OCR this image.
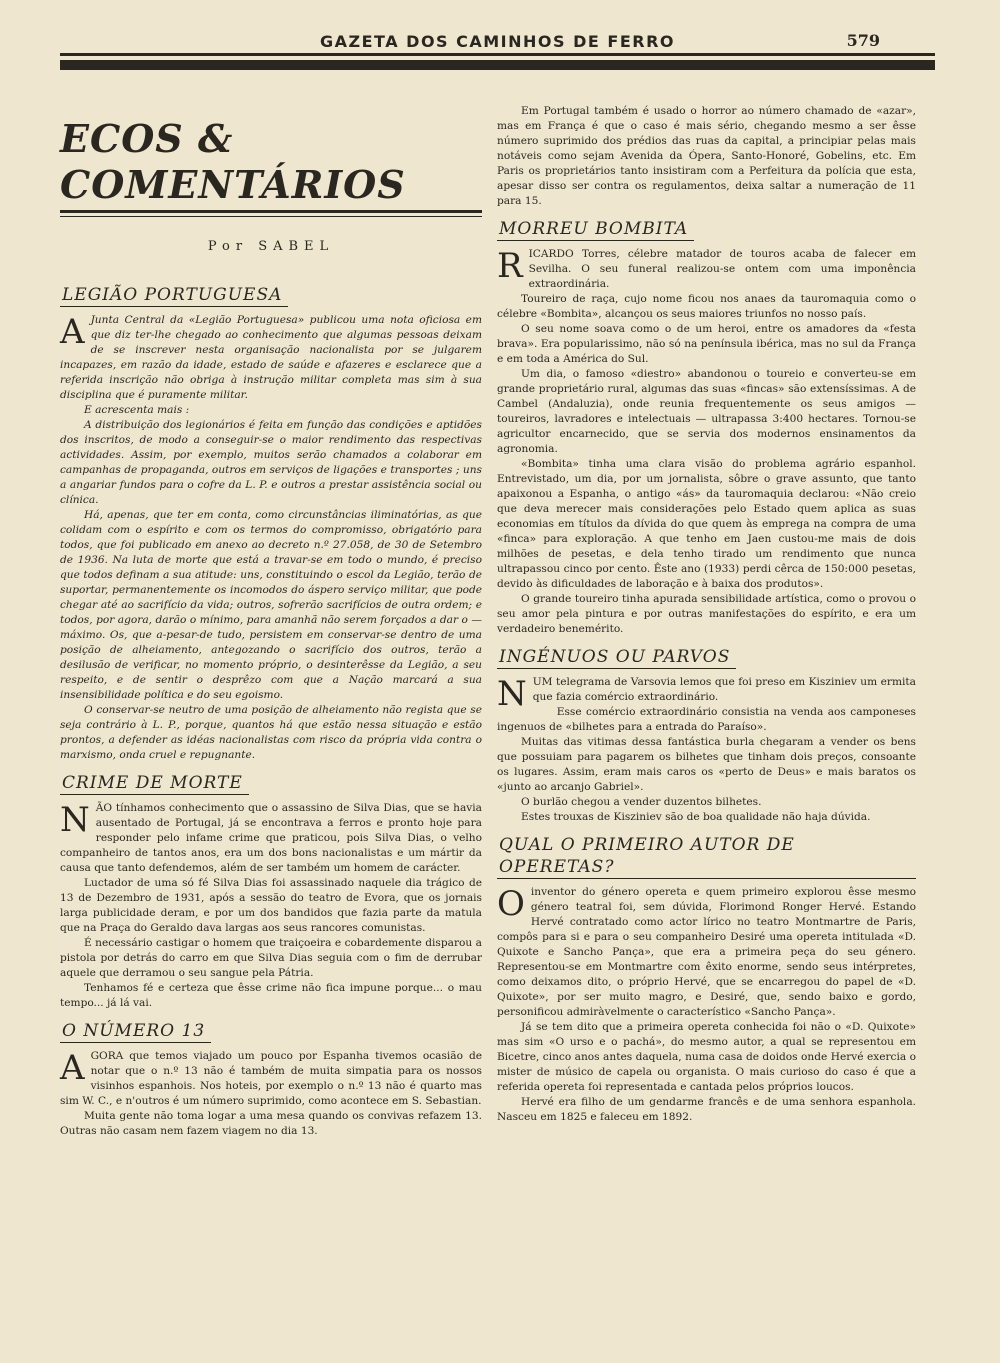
GAZETA DOS CAMINHOS DE FERRO	579
ECOS & COMENTÁRIOS
Por SABEL
LEGIÃO PORTUGUESA

A Junta Central da «Legião Portuguesa» publicou uma nota oficiosa em que diz ter-lhe chegado ao conhecimento que algumas pessoas deixam de se inscrever nesta organisação nacionalista por se julgarem incapazes, em razão da idade, estado de saúde e afazeres e esclarece que a referida inscrição não obriga à instrução militar completa mas sim à sua disciplina que é puramente militar.

E acrescenta mais :

A distribuição dos legionários é feita em função das condições e aptidões dos inscritos, de modo a conseguir-se o maior rendimento das respectivas actividades. Assim, por exemplo, muitos serão chamados a colaborar em campanhas de propaganda, outros em serviços de ligações e transportes ; uns a angariar fundos para o cofre da L. P. e outros a prestar assistência social ou clínica.

Há, apenas, que ter em conta, como circunstâncias iliminatórias, as que colidam com o espírito e com os termos do compromisso, obrigatório para todos, que foi publicado em anexo ao decreto n.º 27.058, de 30 de Setembro de 1936. Na luta de morte que está a travar-se em todo o mundo, é preciso que todos definam a sua atitude: uns, constituindo o escol da Legião, terão de suportar, permanentemente os incomodos do áspero serviço militar, que pode chegar até ao sacrifício da vida; outros, sofrerão sacrifícios de outra ordem; e todos, por agora, darão o mínimo, para amanhã não serem forçados a dar o —máximo. Os, que a-pesar-de tudo, persistem em conservar-se dentro de uma posição de alheiamento, antegozando o sacrifício dos outros, terão a desilusão de verificar, no momento próprio, o desinterêsse da Legião, a seu respeito, e de sentir o desprêzo com que a Nação marcará a sua insensibilidade política e do seu egoismo.

O conservar-se neutro de uma posição de alheiamento não regista que se seja contrário à L. P., porque, quantos há que estão nessa situação e estão prontos, a defender as idéas nacionalistas com risco da própria vida contra o marxismo, onda cruel e repugnante.

CRIME DE MORTE

NÃO tínhamos conhecimento que o assassino de Silva Dias, que se havia ausentado de Portugal, já se encontrava a ferros e pronto hoje para responder pelo infame crime que praticou, pois Silva Dias, o velho companheiro de tantos anos, era um dos bons nacionalistas e um mártir da causa que tanto defendemos, além de ser também um homem de carácter.

Luctador de uma só fé Silva Dias foi assassinado naquele dia trágico de 13 de Dezembro de 1931, após a sessão do teatro de Evora, que os jornais larga publicidade deram, e por um dos bandidos que fazia parte da matula que na Praça do Geraldo dava largas aos seus rancores comunistas.

É necessário castigar o homem que traiçoeira e cobardemente disparou a pistola por detrás do carro em que Silva Dias seguia com o fim de derrubar aquele que derramou o seu sangue pela Pátria.

Tenhamos fé e certeza que êsse crime não fica impune porque... o mau tempo... já lá vai.

O NÚMERO 13

AGORA que temos viajado um pouco por Espanha tivemos ocasião de notar que o n.º 13 não é também de muita simpatia para os nossos visinhos espanhois. Nos hoteis, por exemplo o n.º 13 não é quarto mas sim W. C., e n'outros é um número suprimido, como acontece em S. Sebastian.

Muita gente não toma logar a uma mesa quando os convivas refazem 13. Outras não casam nem fazem viagem no dia 13.

Em Portugal também é usado o horror ao número chamado de «azar», mas em França é que o caso é mais sério, chegando mesmo a ser êsse número suprimido dos prédios das ruas da capital, a principiar pelas mais notáveis como sejam Avenida da Ópera, Santo-Honoré, Gobelins, etc. Em Paris os proprietários tanto insistiram com a Perfeitura da polícia que esta, apesar disso ser contra os regulamentos, deixa saltar a numeração de 11 para 15.

MORREU BOMBITA

RICARDO Torres, célebre matador de touros acaba de falecer em Sevilha. O seu funeral realizou-se ontem com uma imponência extraordinária.

Toureiro de raça, cujo nome ficou nos anaes da tauromaquia como o célebre «Bombita», alcançou os seus maiores triunfos no nosso país.

O seu nome soava como o de um heroi, entre os amadores da «festa brava». Era popularissimo, não só na península ibérica, mas no sul da França e em toda a América do Sul.

Um dia, o famoso «diestro» abandonou o toureio e converteu-se em grande proprietário rural, algumas das suas «fincas» são extensíssimas. A de Cambel (Andaluzia), onde reunia frequentemente os seus amigos — toureiros, lavradores e intelectuais — ultrapassa 3:400 hectares. Tornou-se agricultor encarnecido, que se servia dos modernos ensinamentos da agronomia.

«Bombita» tinha uma clara visão do problema agrário espanhol. Entrevistado, um dia, por um jornalista, sôbre o grave assunto, que tanto apaixonou a Espanha, o antigo «ás» da tauromaquia declarou: «Não creio que deva merecer mais considerações pelo Estado quem aplica as suas economias em títulos da dívida do que quem às emprega na compra de uma «finca» para exploração. A que tenho em Jaen custou-me mais de dois milhões de pesetas, e dela tenho tirado um rendimento que nunca ultrapassou cinco por cento. Êste ano (1933) perdi cêrca de 150:000 pesetas, devido às dificuldades de laboração e à baixa dos produtos».

O grande toureiro tinha apurada sensibilidade artística, como o provou o seu amor pela pintura e por outras manifestações do espírito, e era um verdadeiro benemérito.

INGÉNUOS OU PARVOS

NUM telegrama de Varsovia lemos que foi preso em Kisziniev um ermita que fazia comércio extraordinário.

Esse comércio extraordinário consistia na venda aos camponeses ingenuos de «bilhetes para a entrada do Paraíso».

Muitas das vitimas dessa fantástica burla chegaram a vender os bens que possuiam para pagarem os bilhetes que tinham dois preços, consoante os lugares. Assim, eram mais caros os «perto de Deus» e mais baratos os «junto ao arcanjo Gabriel».

O burlão chegou a vender duzentos bilhetes.

Estes trouxas de Kisziniev são de boa qualidade não haja dúvida.

QUAL O PRIMEIRO AUTOR DE OPERETAS?

Oinventor do género opereta e quem primeiro explorou êsse mesmo género teatral foi, sem dúvida, Florimond Ronger Hervé. Estando Hervé contratado como actor lírico no teatro Montmartre de Paris, compôs para si e para o seu companheiro Desiré uma opereta intitulada «D. Quixote e Sancho Pança», que era a primeira peça do seu género. Representou-se em Montmartre com êxito enorme, sendo seus intérpretes, como deixamos dito, o próprio Hervé, que se encarregou do papel de «D. Quixote», por ser muito magro, e Desiré, que, sendo baixo e gordo, personificou admiràvelmente o característico «Sancho Pança».

Já se tem dito que a primeira opereta conhecida foi não o «D. Quixote» mas sim «O urso e o pachá», do mesmo autor, a qual se representou em Bicetre, cinco anos antes daquela, numa casa de doidos onde Hervé exercia o mister de músico de capela ou organista. O mais curioso do caso é que a referida opereta foi representada e cantada pelos próprios loucos.

Hervé era filho de um gendarme francês e de uma senhora espanhola. Nasceu em 1825 e faleceu em 1892.
